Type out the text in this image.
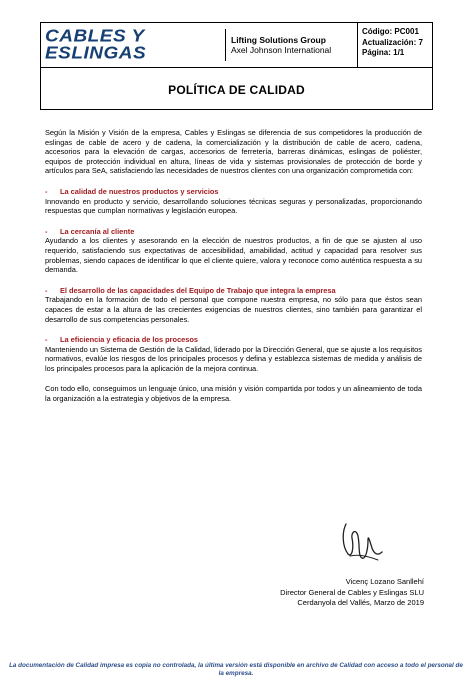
CABLES Y
ESLINGAS
Lifting Solutions Group
Axel Johnson International
Código: PC001
Actualización: 7
Página: 1/1
POLÍTICA DE CALIDAD

Según la Misión y Visión de la empresa, Cables y Eslingas se diferencia de sus competidores la producción de eslingas de cable de acero y de cadena, la comercialización y la distribución de cable de acero, cadena, accesorios para la elevación de cargas, accesorios de ferretería, barreras dinámicas, eslingas de poliéster, equipos de protección individual en altura, líneas de vida y sistemas provisionales de protección de borde y artículos para SeA, satisfaciendo las necesidades de nuestros clientes con una organización comprometida con:

- La calidad de nuestros productos y servicios

Innovando en producto y servicio, desarrollando soluciones técnicas seguras y personalizadas, proporcionando respuestas que cumplan normativas y legislación europea.

- La cercanía al cliente

Ayudando a los clientes y asesorando en la elección de nuestros productos, a fin de que se ajusten al uso requerido, satisfaciendo sus expectativas de accesibilidad, amabilidad, actitud y capacidad para resolver sus problemas, siendo capaces de identificar lo que el cliente quiere, valora y reconoce como auténtica respuesta a su demanda.

- El desarrollo de las capacidades del Equipo de Trabajo que integra la empresa

Trabajando en la formación de todo el personal que compone nuestra empresa, no sólo para que éstos sean capaces de estar a la altura de las crecientes exigencias de nuestros clientes, sino también para garantizar el desarrollo de sus competencias personales.

- La eficiencia y eficacia de los procesos

Manteniendo un Sistema de Gestión de la Calidad, liderado por la Dirección General, que se ajuste a los requisitos normativos, evalúe los riesgos de los principales procesos y defina y establezca sistemas de medida y análisis de los principales procesos para la aplicación de la mejora continua.

Con todo ello, conseguimos un lenguaje único, una misión y visión compartida por todos y un alineamiento de toda la organización a la estrategia y objetivos de la empresa.

Vicenç Lozano Sanllehí
Director General de Cables y Eslingas SLU
Cerdanyola del Vallés, Marzo de 2019
La documentación de Calidad impresa es copia no controlada, la última versión está disponible en archivo de Calidad con acceso a todo el personal de la empresa.
